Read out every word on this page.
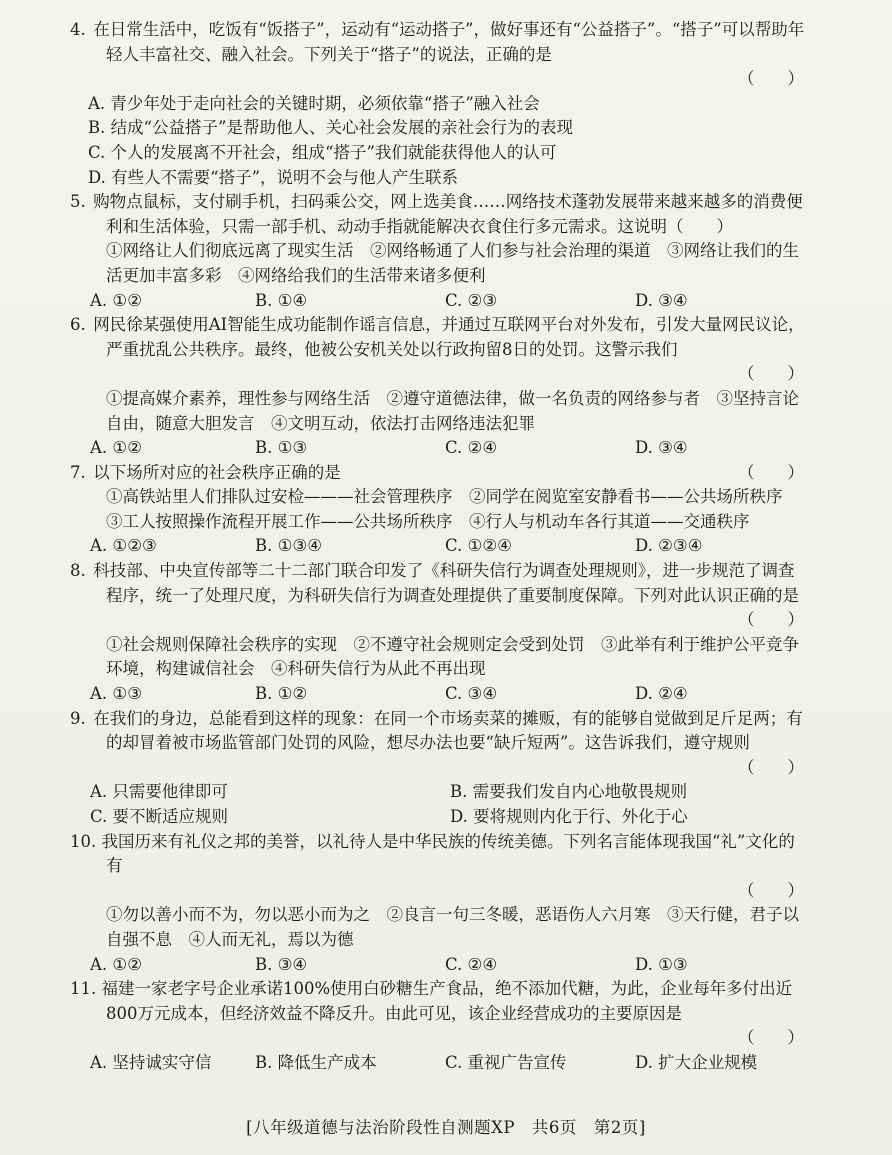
4. 在日常生活中，吃饭有“饭搭子”，运动有“运动搭子”，做好事还有“公益搭子”。“搭子”可以帮助年轻人丰富社交、融入社会。下列关于“搭子”的说法，正确的是
（　　）
A. 青少年处于走向社会的关键时期，必须依靠“搭子”融入社会
B. 结成“公益搭子”是帮助他人、关心社会发展的亲社会行为的表现
C. 个人的发展离不开社会，组成“搭子”我们就能获得他人的认可
D. 有些人不需要“搭子”，说明不会与他人产生联系
5. 购物点鼠标，支付刷手机，扫码乘公交，网上选美食……网络技术蓬勃发展带来越来越多的消费便利和生活体验，只需一部手机、动动手指就能解决衣食住行多元需求。这说明（　　）
①网络让人们彻底远离了现实生活　②网络畅通了人们参与社会治理的渠道　③网络让我们的生活更加丰富多彩　④网络给我们的生活带来诸多便利
A. ①②	B. ①④	C. ②③	D. ③④
6. 网民徐某强使用AI智能生成功能制作谣言信息，并通过互联网平台对外发布，引发大量网民议论，严重扰乱公共秩序。最终，他被公安机关处以行政拘留8日的处罚。这警示我们
（　　）
①提高媒介素养，理性参与网络生活　②遵守道德法律，做一名负责的网络参与者　③坚持言论自由，随意大胆发言　④文明互动，依法打击网络违法犯罪
A. ①②	B. ①③	C. ②④	D. ③④
（　　）
7. 以下场所对应的社会秩序正确的是
①高铁站里人们排队过安检———社会管理秩序　②同学在阅览室安静看书——公共场所秩序　③工人按照操作流程开展工作——公共场所秩序　④行人与机动车各行其道——交通秩序
A. ①②③	B. ①③④	C. ①②④	D. ②③④
8. 科技部、中央宣传部等二十二部门联合印发了《科研失信行为调查处理规则》，进一步规范了调查程序，统一了处理尺度，为科研失信行为调查处理提供了重要制度保障。下列对此认识正确的是
（　　）
①社会规则保障社会秩序的实现　②不遵守社会规则定会受到处罚　③此举有利于维护公平竞争环境，构建诚信社会　④科研失信行为从此不再出现
A. ①③	B. ①②	C. ③④	D. ②④
9. 在我们的身边，总能看到这样的现象：在同一个市场卖菜的摊贩，有的能够自觉做到足斤足两；有的却冒着被市场监管部门处罚的风险，想尽办法也要“缺斤短两”。这告诉我们，遵守规则
（　　）
A. 只需要他律即可	B. 需要我们发自内心地敬畏规则
C. 要不断适应规则	D. 要将规则内化于行、外化于心
10. 我国历来有礼仪之邦的美誉，以礼待人是中华民族的传统美德。下列名言能体现我国“礼”文化的有
（　　）
①勿以善小而不为，勿以恶小而为之　②良言一句三冬暖，恶语伤人六月寒　③天行健，君子以自强不息　④人而无礼，焉以为德
A. ①②	B. ③④	C. ②④	D. ①③
11. 福建一家老字号企业承诺100%使用白砂糖生产食品，绝不添加代糖，为此，企业每年多付出近800万元成本，但经济效益不降反升。由此可见，该企业经营成功的主要原因是
（　　）
A. 坚持诚实守信	B. 降低生产成本	C. 重视广告宣传	D. 扩大企业规模
[八年级道德与法治阶段性自测题XP　共6页　第2页]
